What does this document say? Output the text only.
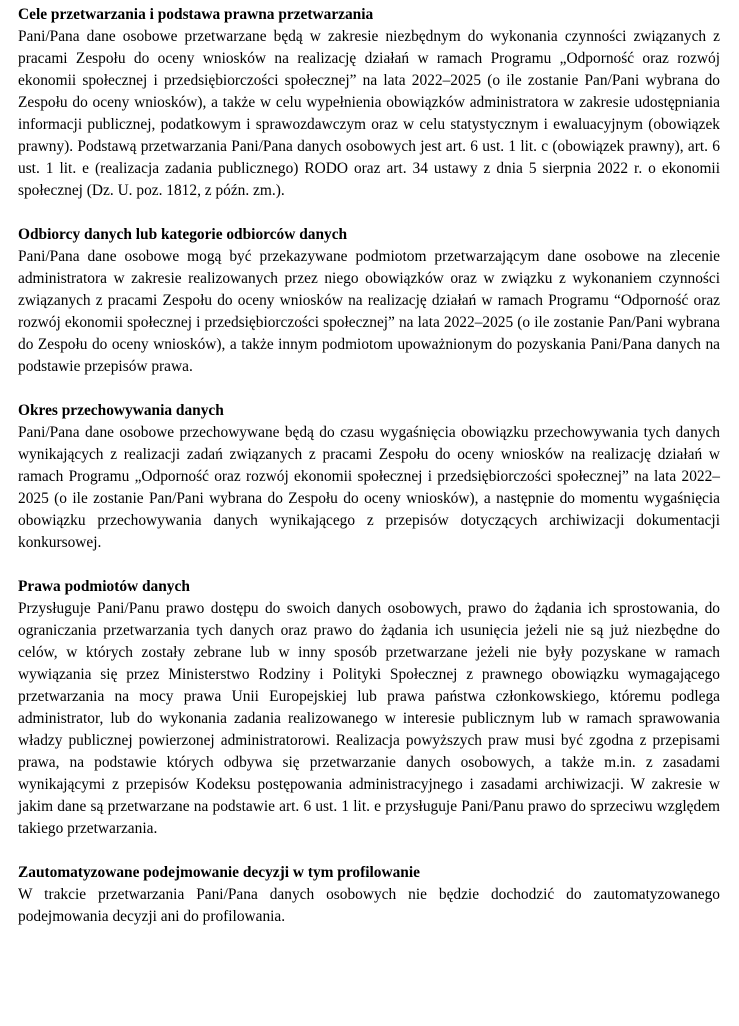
Cele przetwarzania i podstawa prawna przetwarzania

Pani/Pana dane osobowe przetwarzane będą w zakresie niezbędnym do wykonania czynności związanych z pracami Zespołu do oceny wniosków na realizację działań w ramach Programu „Odporność oraz rozwój ekonomii społecznej i przedsiębiorczości społecznej” na lata 2022–2025 (o ile zostanie Pan/Pani wybrana do Zespołu do oceny wniosków), a także w celu wypełnienia obowiązków administratora w zakresie udostępniania informacji publicznej, podatkowym i sprawozdawczym oraz w celu statystycznym i ewaluacyjnym (obowiązek prawny). Podstawą przetwarzania Pani/Pana danych osobowych jest art. 6 ust. 1 lit. c (obowiązek prawny), art. 6 ust. 1 lit. e (realizacja zadania publicznego) RODO oraz art. 34 ustawy z dnia 5 sierpnia 2022 r. o ekonomii społecznej (Dz. U. poz. 1812, z późn. zm.).

Odbiorcy danych lub kategorie odbiorców danych

Pani/Pana dane osobowe mogą być przekazywane podmiotom przetwarzającym dane osobowe na zlecenie administratora w zakresie realizowanych przez niego obowiązków oraz w związku z wykonaniem czynności związanych z pracami Zespołu do oceny wniosków na realizację działań w ramach Programu “Odporność oraz rozwój ekonomii społecznej i przedsiębiorczości społecznej” na lata 2022–2025 (o ile zostanie Pan/Pani wybrana do Zespołu do oceny wniosków), a także innym podmiotom upoważnionym do pozyskania Pani/Pana danych na podstawie przepisów prawa.

Okres przechowywania danych

Pani/Pana dane osobowe przechowywane będą do czasu wygaśnięcia obowiązku przechowywania tych danych wynikających z realizacji zadań związanych z pracami Zespołu do oceny wniosków na realizację działań w ramach Programu „Odporność oraz rozwój ekonomii społecznej i przedsiębiorczości społecznej” na lata 2022–2025 (o ile zostanie Pan/Pani wybrana do Zespołu do oceny wniosków), a następnie do momentu wygaśnięcia obowiązku przechowywania danych wynikającego z przepisów dotyczących archiwizacji dokumentacji konkursowej.

Prawa podmiotów danych

Przysługuje Pani/Panu prawo dostępu do swoich danych osobowych, prawo do żądania ich sprostowania, do ograniczania przetwarzania tych danych oraz prawo do żądania ich usunięcia jeżeli nie są już niezbędne do celów, w których zostały zebrane lub w inny sposób przetwarzane jeżeli nie były pozyskane w ramach wywiązania się przez Ministerstwo Rodziny i Polityki Społecznej z prawnego obowiązku wymagającego przetwarzania na mocy prawa Unii Europejskiej lub prawa państwa członkowskiego, któremu podlega administrator, lub do wykonania zadania realizowanego w interesie publicznym lub w ramach sprawowania władzy publicznej powierzonej administratorowi. Realizacja powyższych praw musi być zgodna z przepisami prawa, na podstawie których odbywa się przetwarzanie danych osobowych, a także m.in. z zasadami wynikającymi z przepisów Kodeksu postępowania administracyjnego i zasadami archiwizacji. W zakresie w jakim dane są przetwarzane na podstawie art. 6 ust. 1 lit. e przysługuje Pani/Panu prawo do sprzeciwu względem takiego przetwarzania.

Zautomatyzowane podejmowanie decyzji w tym profilowanie

W trakcie przetwarzania Pani/Pana danych osobowych nie będzie dochodzić do zautomatyzowanego podejmowania decyzji ani do profilowania.
